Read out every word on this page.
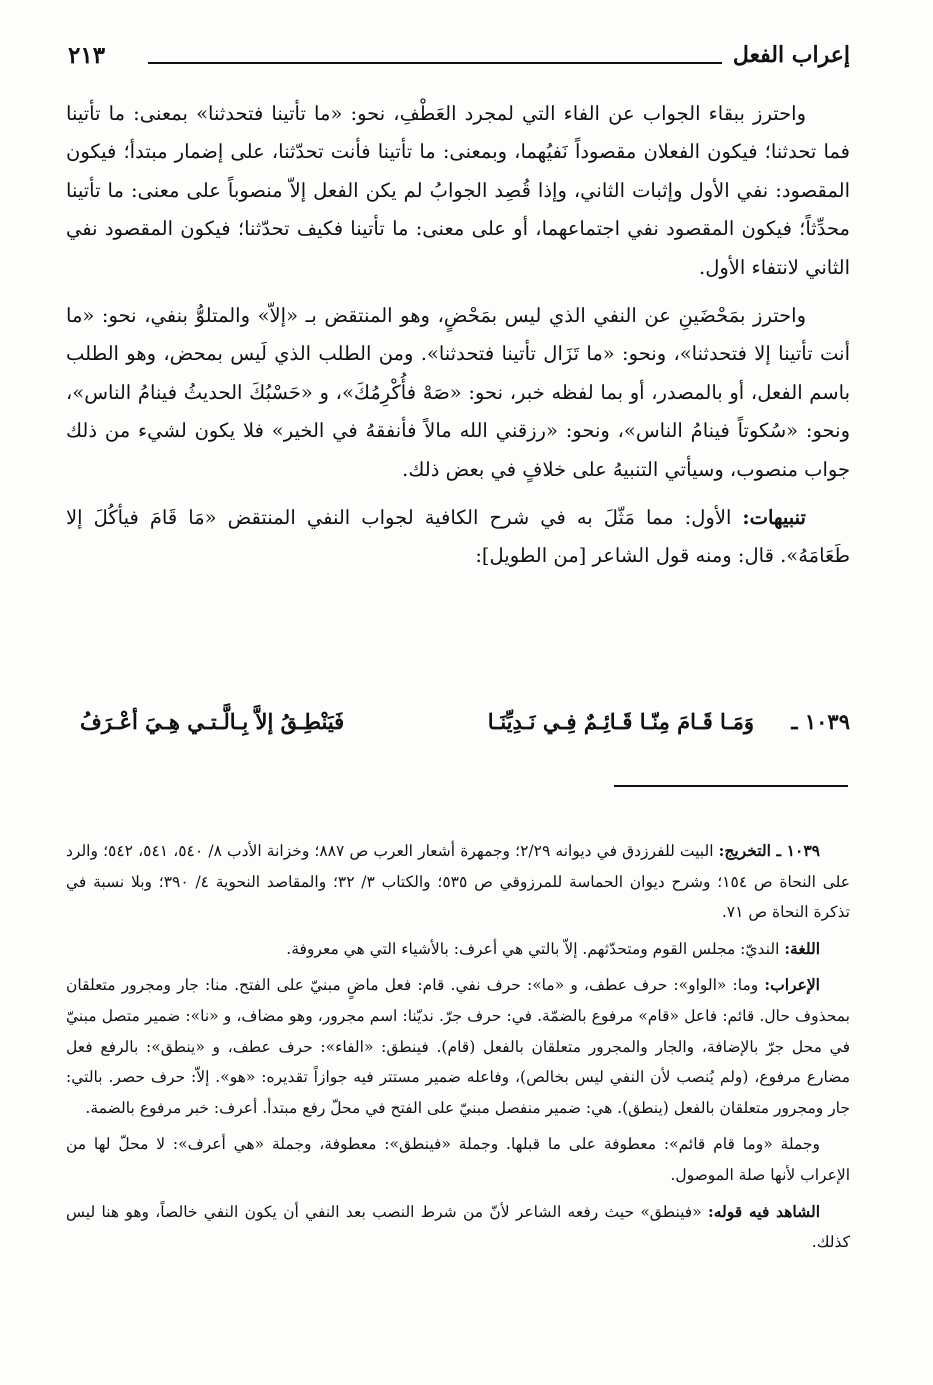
٢١٣	إعراب الفعل

واحترز ببقاء الجواب عن الفاء التي لمجرد العَطْفِ، نحو: «ما تأتينا فتحدثنا» بمعنى: ما تأتينا فما تحدثنا؛ فيكون الفعلان مقصوداً نَفيُهما، وبمعنى: ما تأتينا فأنت تحدّثنا، على إضمار مبتدأ؛ فيكون المقصود: نفي الأول وإثبات الثاني، وإذا قُصِد الجوابُ لم يكن الفعل إلاّ منصوباً على معنى: ما تأتينا محدِّثاً؛ فيكون المقصود نفي اجتماعهما، أو على معنى: ما تأتينا فكيف تحدّثنا؛ فيكون المقصود نفي الثاني لانتفاء الأول.

واحترز بمَحْضَينِ عن النفي الذي ليس بمَحْضٍ، وهو المنتقض بـ «إلاّ» والمتلوُّ بنفي، نحو: «ما أنت تأتينا إلا فتحدثنا»، ونحو: «ما تَزَال تأتينا فتحدثنا». ومن الطلب الذي لَيس بمحض، وهو الطلب باسم الفعل، أو بالمصدر، أو بما لفظه خبر، نحو: «صَهْ فأُكْرِمُكَ»، و «حَسْبُكَ الحديثُ فينامُ الناس»، ونحو: «سُكوتاً فينامُ الناس»، ونحو: «رزقني الله مالاً فأنفقهُ في الخير» فلا يكون لشيء من ذلك جواب منصوب، وسيأتي التنبيهُ على خلافٍ في بعض ذلك.

تنبيهات: الأول: مما مَثّلَ به في شرح الكافية لجواب النفي المنتقض «مَا قَامَ فيأكُلَ إلا طَعَامَهُ». قال: ومنه قول الشاعر [من الطويل]:

١٠٣٩ ـ
وَمَـا قَـامَ مِنّـا قَـائِـمٌ فِـي نَـدِيِّنَـا
فَيَنْطِـقُ إلاَّ بِـالَّـتـي هِـيَ أعْـرَفُ

١٠٣٩ ـ التخريج: البيت للفرزدق في ديوانه ٢/٢٩؛ وجمهرة أشعار العرب ص ٨٨٧؛ وخزانة الأدب ٨/ ٥٤٠، ٥٤١، ٥٤٢؛ والرد على النحاة ص ١٥٤؛ وشرح ديوان الحماسة للمرزوقي ص ٥٣٥؛ والكتاب ٣/ ٣٢؛ والمقاصد النحوية ٤/ ٣٩٠؛ وبلا نسبة في تذكرة النحاة ص ٧١.

اللغة: النديّ: مجلس القوم ومتحدّثهم. إلاّ بالتي هي أعرف: بالأشياء التي هي معروفة.

الإعراب: وما: «الواو»: حرف عطف، و «ما»: حرف نفي. قام: فعل ماضٍ مبنيّ على الفتح. منا: جار ومجرور متعلقان بمحذوف حال. قائم: فاعل «قام» مرفوع بالضمّة. في: حرف جرّ. نديّنا: اسم مجرور، وهو مضاف، و «نا»: ضمير متصل مبنيّ في محل جرّ بالإضافة، والجار والمجرور متعلقان بالفعل (قام). فينطق: «الفاء»: حرف عطف، و «ينطق»: بالرفع فعل مضارع مرفوع، (ولم يُنصب لأن النفي ليس بخالص)، وفاعله ضمير مستتر فيه جوازاً تقديره: «هو». إلاّ: حرف حصر. بالتي: جار ومجرور متعلقان بالفعل (ينطق). هي: ضمير منفصل مبنيّ على الفتح في محلّ رفع مبتدأ. أعرف: خبر مرفوع بالضمة.

وجملة «وما قام قائم»: معطوفة على ما قبلها. وجملة «فينطق»: معطوفة، وجملة «هي أعرف»: لا محلّ لها من الإعراب لأنها صلة الموصول.

الشاهد فيه قوله: «فينطق» حيث رفعه الشاعر لأنّ من شرط النصب بعد النفي أن يكون النفي خالصاً، وهو هنا ليس كذلك.
